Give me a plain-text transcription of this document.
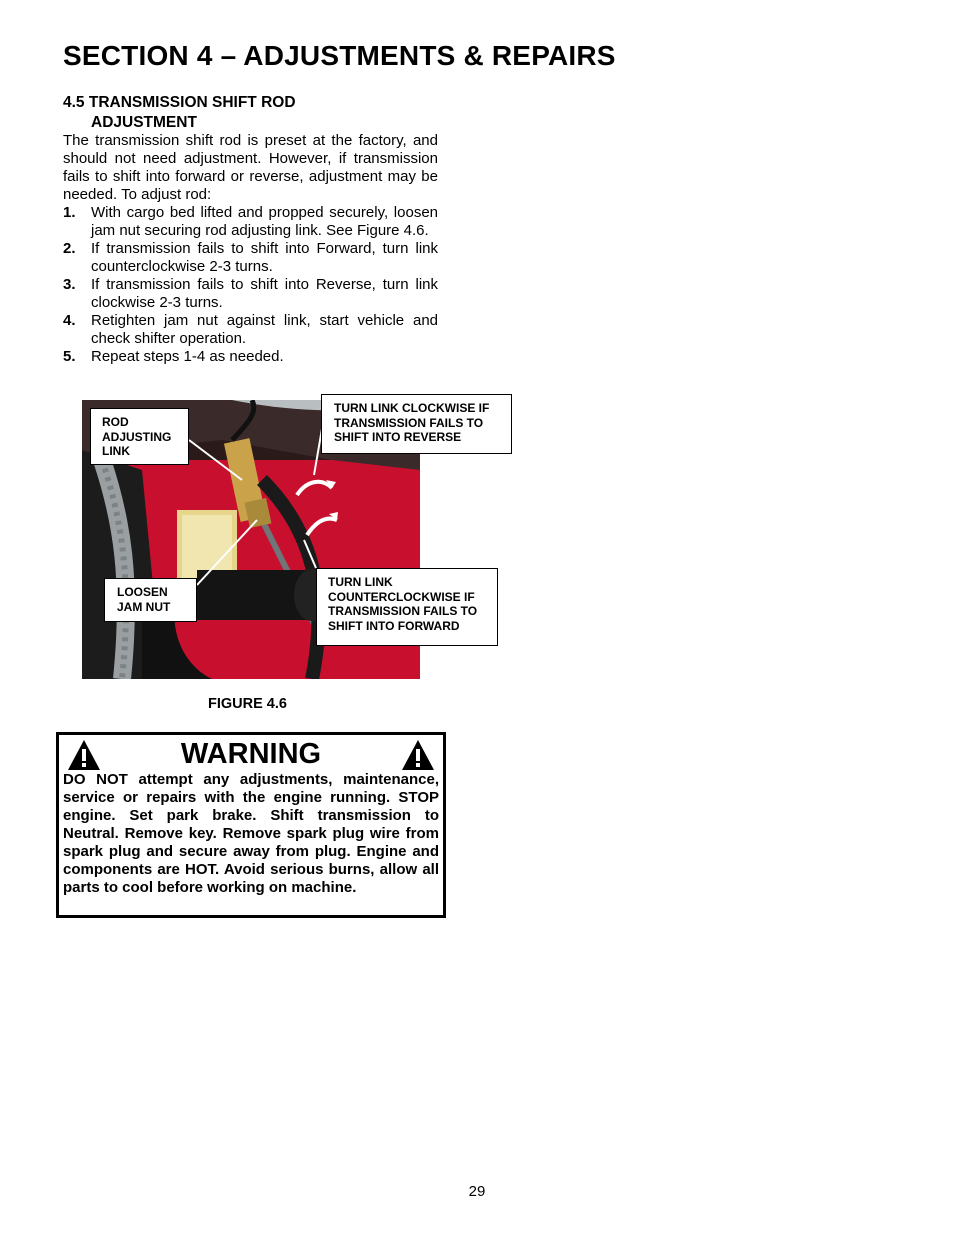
SECTION 4 – ADJUSTMENTS & REPAIRS
4.5 TRANSMISSION SHIFT ROD
ADJUSTMENT

The transmission shift rod is preset at the factory, and should not need adjustment. However, if transmission fails to shift into forward or reverse, adjustment may be needed. To adjust rod:

1. With cargo bed lifted and propped securely, loosen jam nut securing rod adjusting link. See Figure 4.6.
2. If transmission fails to shift into Forward, turn link counterclockwise 2-3 turns.
3. If transmission fails to shift into Reverse, turn link clockwise 2-3 turns.
4. Retighten jam nut against link, start vehicle and check shifter operation.
5. Repeat steps 1-4 as needed.
ROD
ADJUSTING
LINK
LOOSEN
JAM NUT
TURN LINK CLOCKWISE IF
TRANSMISSION FAILS TO
SHIFT INTO REVERSE
TURN LINK
COUNTERCLOCKWISE IF
TRANSMISSION FAILS TO
SHIFT INTO FORWARD
FIGURE 4.6
WARNING

DO NOT attempt any adjustments, maintenance, service or repairs with the engine running. STOP engine. Set park brake. Shift transmission to Neutral. Remove key. Remove spark plug wire from spark plug and secure away from plug. Engine and components are HOT. Avoid serious burns, allow all parts to cool before working on machine.

29
